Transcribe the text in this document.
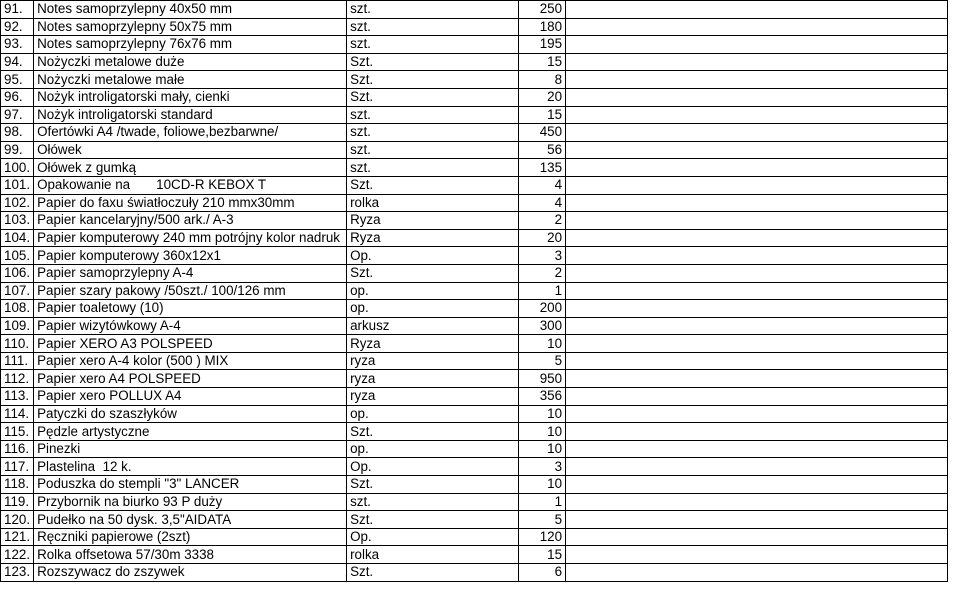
91.	Notes samoprzylepny 40x50 mm	szt.	250	
92.	Notes samoprzylepny 50x75 mm	szt.	180	
93.	Notes samoprzylepny 76x76 mm	szt.	195	
94.	Nożyczki metalowe duże	Szt.	15	
95.	Nożyczki metalowe małe	Szt.	8	
96.	Nożyk introligatorski mały, cienki	Szt.	20	
97.	Nożyk introligatorski standard	szt.	15	
98.	Ofertówki A4 /twade, foliowe,bezbarwne/	szt.	450	
99.	Ołówek	szt.	56	
100.	Ołówek z gumką	szt.	135	
101.	Opakowanie na       10CD-R KEBOX T	Szt.	4	
102.	Papier do faxu światłoczuły 210 mmx30mm	rolka	4	
103.	Papier kancelaryjny/500 ark./ A-3	Ryza	2	
104.	Papier komputerowy 240 mm potrójny kolor nadruk	Ryza	20	
105.	Papier komputerowy 360x12x1	Op.	3	
106.	Papier samoprzylepny A-4	Szt.	2	
107.	Papier szary pakowy /50szt./ 100/126 mm	op.	1	
108.	Papier toaletowy (10)	op.	200	
109.	Papier wizytówkowy A-4	arkusz	300	
110.	Papier XERO A3 POLSPEED	Ryza	10	
111.	Papier xero A-4 kolor (500 ) MIX	ryza	5	
112.	Papier xero A4 POLSPEED	ryza	950	
113.	Papier xero POLLUX A4	ryza	356	
114.	Patyczki do szaszłyków	op.	10	
115.	Pędzle artystyczne	Szt.	10	
116.	Pinezki	op.	10	
117.	Plastelina  12 k.	Op.	3	
118.	Poduszka do stempli "3" LANCER	Szt.	10	
119.	Przybornik na biurko 93 P duży	szt.	1	
120.	Pudełko na 50 dysk. 3,5"AIDATA	Szt.	5	
121.	Ręczniki papierowe (2szt)	Op.	120	
122.	Rolka offsetowa 57/30m 3338	rolka	15	
123.	Rozszywacz do zszywek	Szt.	6	
